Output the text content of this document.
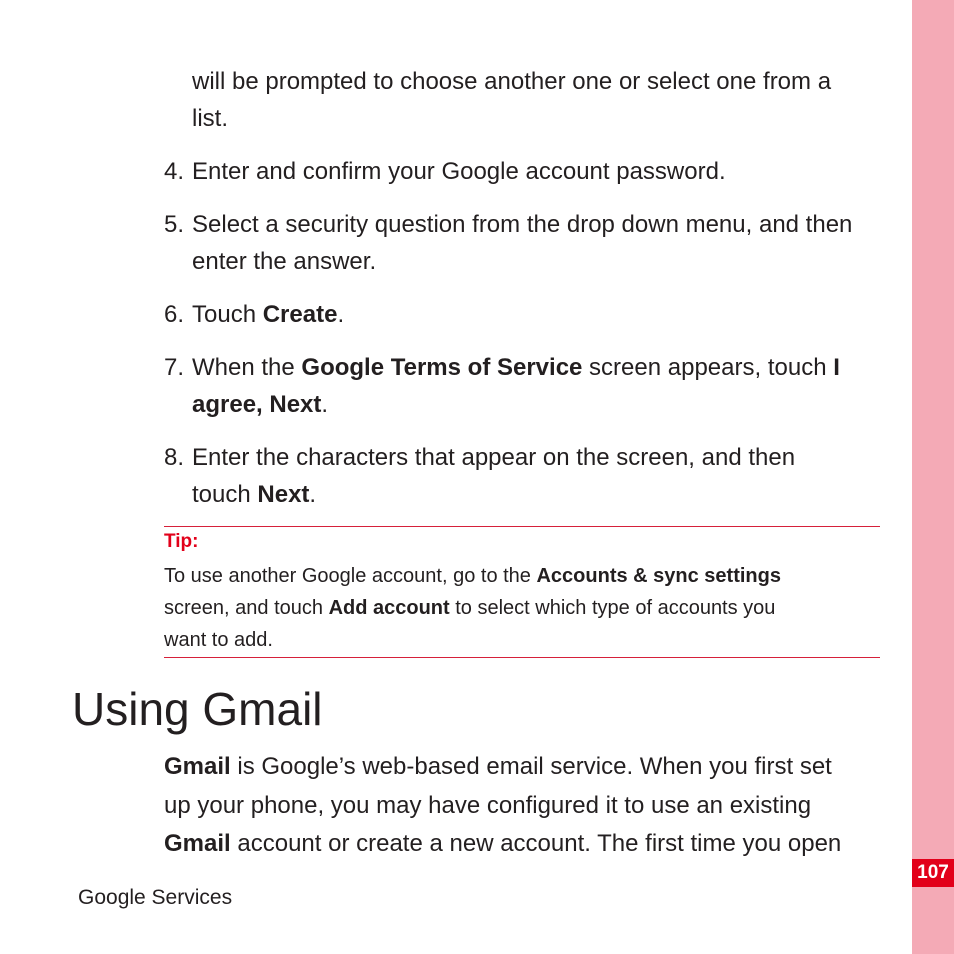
107

will be prompted to choose another one or select one from a
list.

4. Enter and confirm your Google account password.

5. Select a security question from the drop down menu, and then
enter the answer.

6. Touch Create.

7. When the Google Terms of Service screen appears, touch I
agree, Next.

8. Enter the characters that appear on the screen, and then
touch Next.

Tip:

To use another Google account, go to the Accounts & sync settings
screen, and touch Add account to select which type of accounts you
want to add.

Using Gmail

Gmail is Google’s web-based email service. When you first set
up your phone, you may have configured it to use an existing
Gmail account or create a new account. The first time you open

Google Services
